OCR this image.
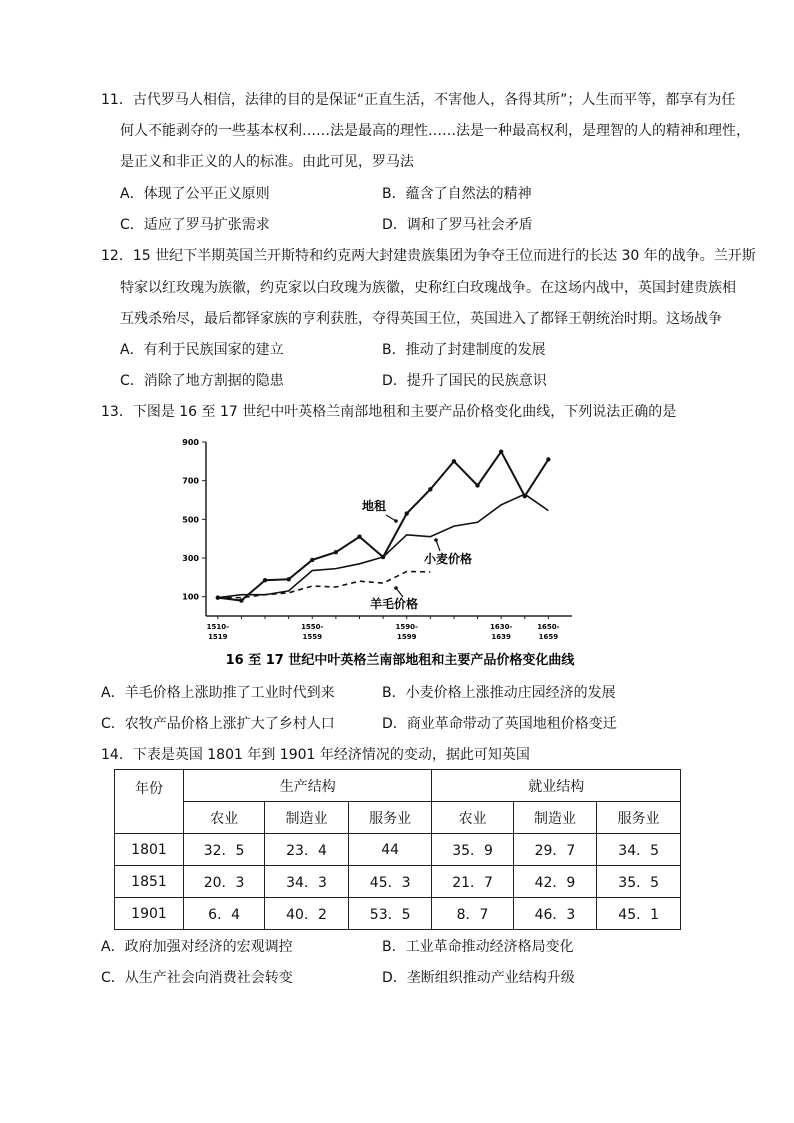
11．古代罗马人相信，法律的目的是保证“正直生活，不害他人，各得其所”；人生而平等，都享有为任
何人不能剥夺的一些基本权利……法是最高的理性……法是一种最高权利，是理智的人的精神和理性，
是正义和非正义的人的标准。由此可见，罗马法
A．体现了公平正义原则	B．蕴含了自然法的精神
C．适应了罗马扩张需求	D．调和了罗马社会矛盾
12．15 世纪下半期英国兰开斯特和约克两大封建贵族集团为争夺王位而进行的长达 30 年的战争。兰开斯
特家以红玫瑰为族徽，约克家以白玫瑰为族徽，史称红白玫瑰战争。在这场内战中，英国封建贵族相
互残杀殆尽，最后都铎家族的亨利获胜，夺得英国王位，英国进入了都铎王朝统治时期。这场战争
A．有利于民族国家的建立	B．推动了封建制度的发展
C．消除了地方割据的隐患	D．提升了国民的民族意识
13．下图是 16 至 17 世纪中叶英格兰南部地租和主要产品价格变化曲线，下列说法正确的是
100
300
500
700
900
1510-
1519
1550-
1559
1590-
1599
1630-
1639
1650-
1659
地租
小麦价格
羊毛价格
16 至 17 世纪中叶英格兰南部地租和主要产品价格变化曲线
A．羊毛价格上涨助推了工业时代到来	B．小麦价格上涨推动庄园经济的发展
C．农牧产品价格上涨扩大了乡村人口	D．商业革命带动了英国地租价格变迁
14．下表是英国 1801 年到 1901 年经济情况的变动，据此可知英国
年份	生产结构			就业结构		
	农业	制造业	服务业	农业	制造业	服务业
1801	32．5	23．4	44	35．9	29．7	34．5
1851	20．3	34．3	45．3	21．7	42．9	35．5
1901	6．4	40．2	53．5	8．7	46．3	45．1
A．政府加强对经济的宏观调控	B．工业革命推动经济格局变化
C．从生产社会向消费社会转变	D．垄断组织推动产业结构升级
